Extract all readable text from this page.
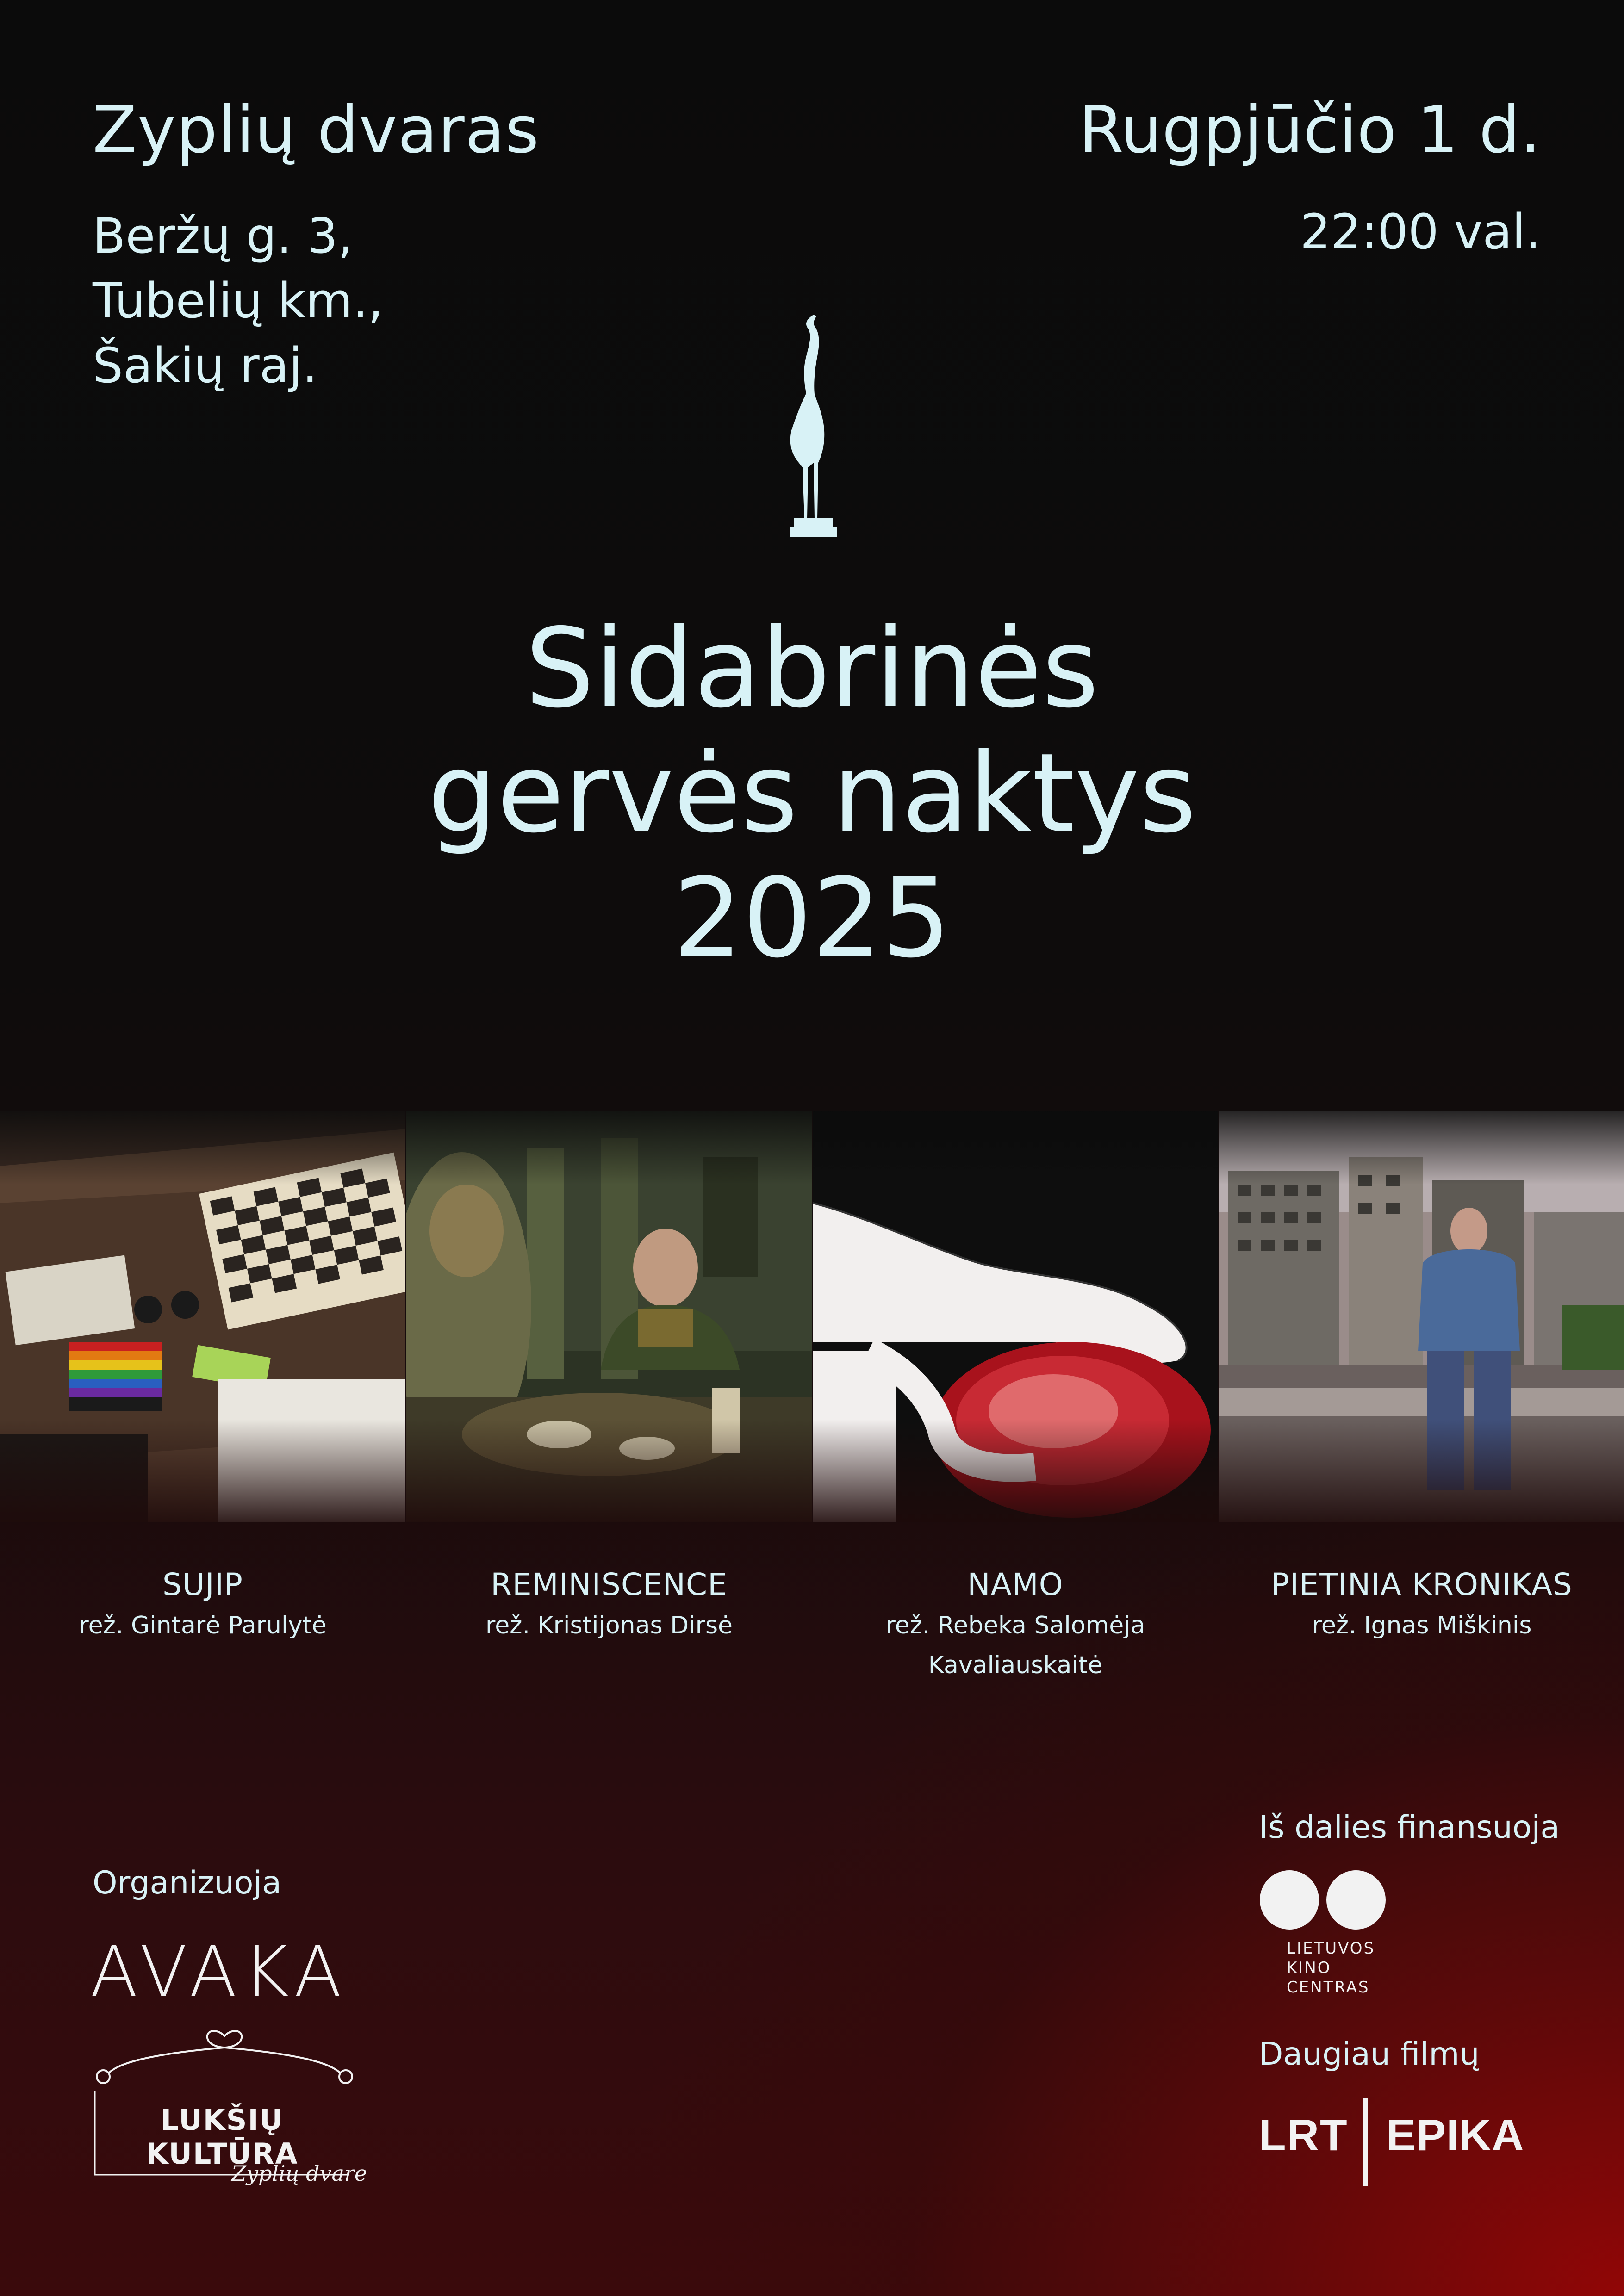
Zyplių dvaras
Beržų g. 3,
Tubelių km.,
Šakių raj.
Rugpjūčio 1 d.
22:00 val.
Sidabrinės
gervės naktys
2025
SUJIP
rež. Gintarė Parulytė
REMINISCENCE
rež. Kristijonas Dirsė
NAMO
rež. Rebeka Salomėja
Kavaliauskaitė
PIETINIA KRONIKAS
rež. Ignas Miškinis
Organizuoja
AVAKA
LUKŠIŲ KULTŪRA
Zyplių dvare
Iš dalies finansuoja
LIETUVOS
KINO
CENTRAS
Daugiau filmų
LRT EPIKA
